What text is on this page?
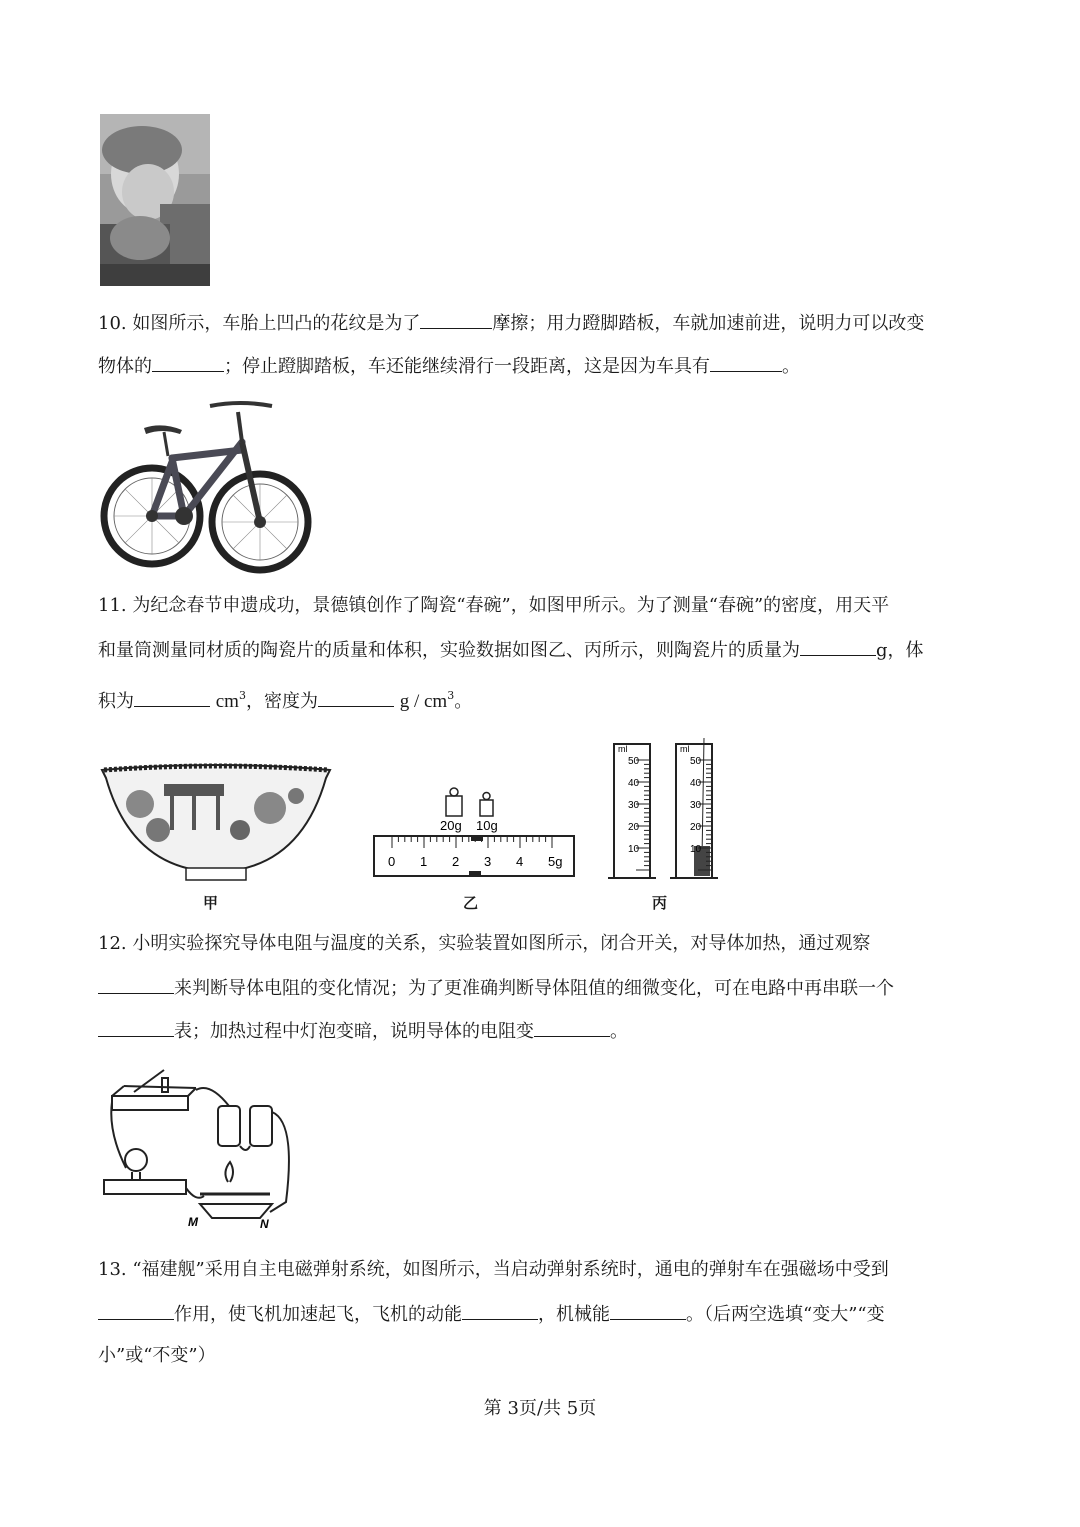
10. 如图所示，车胎上凹凸的花纹是为了	摩擦；用力蹬脚踏板，车就加速前进，说明力可以改变
物体的	；停止蹬脚踏板，车还能继续滑行一段距离，这是因为车具有	。
11. 为纪念春节申遗成功，景德镇创作了陶瓷“春碗”，如图甲所示。为了测量“春碗”的密度，用天平
和量筒测量同材质的陶瓷片的质量和体积，实验数据如图乙、丙所示，则陶瓷片的质量为	g，体
积为	$cm^3$，密度为	g / $cm^3$。
甲
20g 10g
0 1 2 3 4 5g
乙
ml	ml
50
40
30
20
10
50
40
30
20
10
丙
12. 小明实验探究导体电阻与温度的关系，实验装置如图所示，闭合开关，对导体加热，通过观察
来判断导体电阻的变化情况；为了更准确判断导体阻值的细微变化，可在电路中再串联一个
表；加热过程中灯泡变暗，说明导体的电阻变	。
M	N
13. “福建舰”采用自主电磁弹射系统，如图所示，当启动弹射系统时，通电的弹射车在强磁场中受到
作用，使飞机加速起飞，飞机的动能	，机械能	。（后两空选填“变大”“变
小”或“不变”）
第 3页/共 5页
